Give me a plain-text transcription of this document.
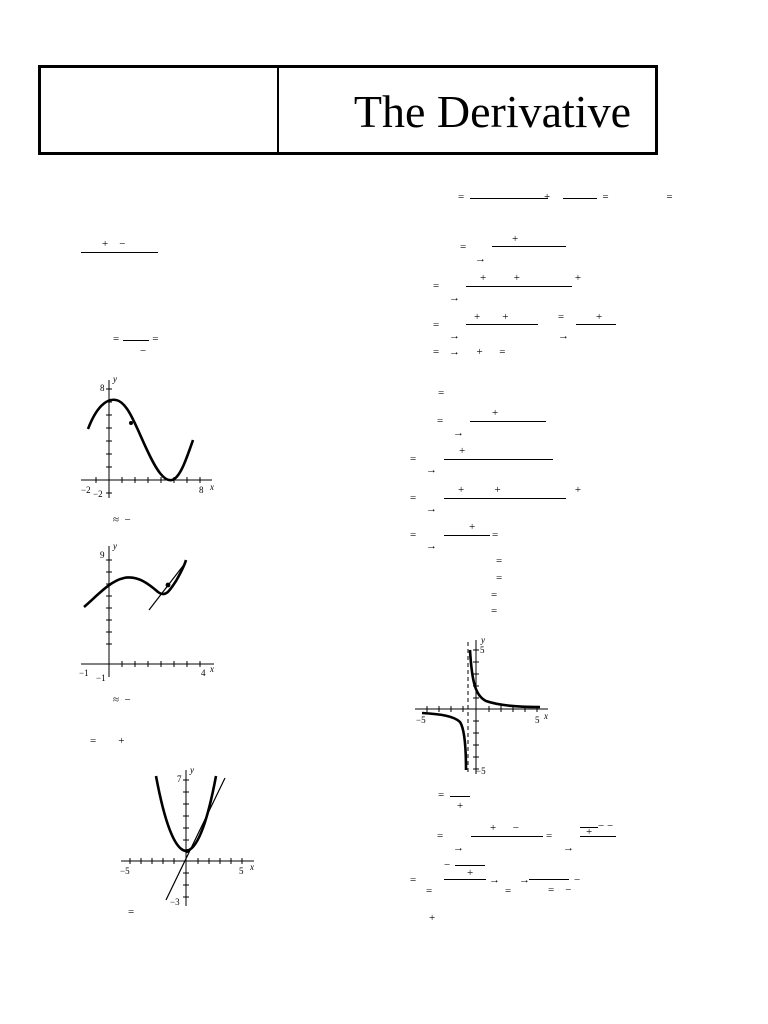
The Derivative
+    −
=            =
−
≈  −
≈  −
=        +
=
8
−2
−2	8 x
y
9
−1
−1	4 x
y
7
−3
−5	5 x
y
5
−5
−5	5 x
y
=                             +                   =                     =
+
=
→
+          +                    +
=
→
+        +                  =
=
→	→
+
= →      +      =
=
=
→
+
=
→
+
=
→
+           +                           +
=
→
+
=
=
=
=
=
=
+
=
→
+      −
=
→
− −
+
=
−
+
=
→
=
→	−
=    −
+
